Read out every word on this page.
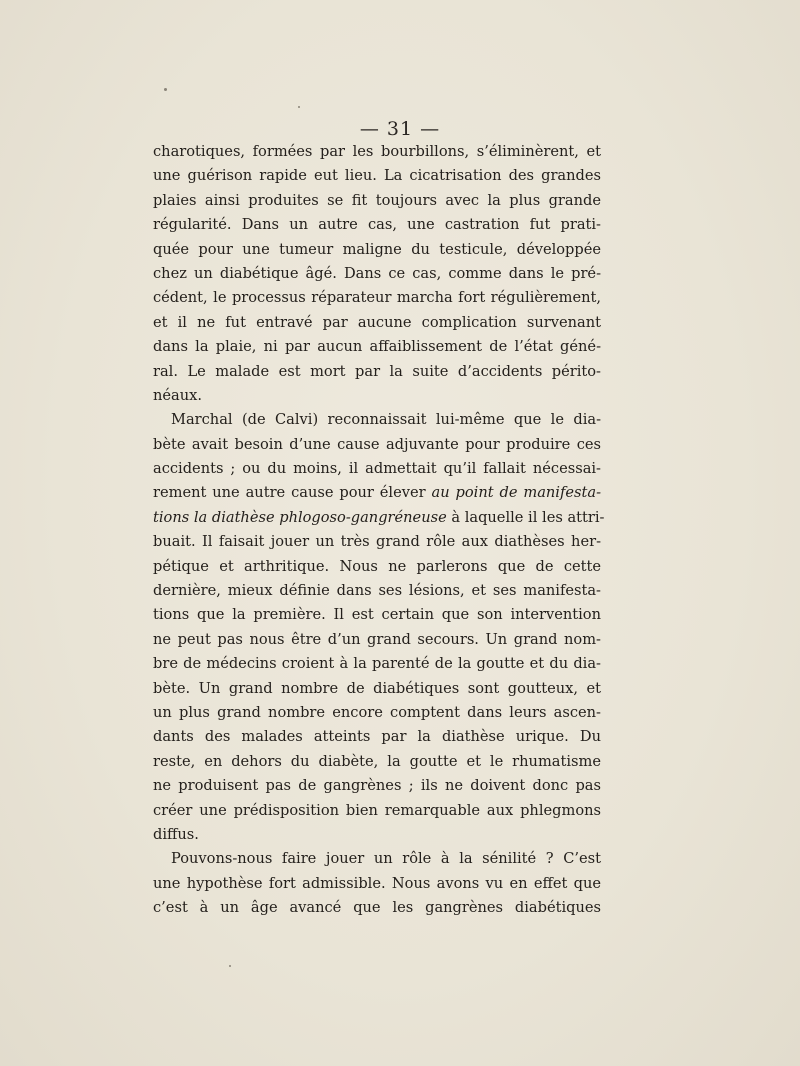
— 31 —
charotiques, formées par les bourbillons, s’éliminèrent, et
une guérison rapide eut lieu. La cicatrisation des grandes
plaies ainsi produites se fit toujours avec la plus grande
régularité. Dans un autre cas, une castration fut prati-
quée pour une tumeur maligne du testicule, développée
chez un diabétique âgé. Dans ce cas, comme dans le pré-
cédent, le processus réparateur marcha fort régulièrement,
et il ne fut entravé par aucune complication survenant
dans la plaie, ni par aucun affaiblissement de l’état géné-
ral. Le malade est mort par la suite d’accidents périto-
néaux.
Marchal (de Calvi) reconnaissait lui-même que le dia-
bète avait besoin d’une cause adjuvante pour produire ces
accidents ; ou du moins, il admettait qu’il fallait nécessai-
rement une autre cause pour élever au point de manifesta-
tions la diathèse phlogoso-gangréneuse à laquelle il les attri-
buait. Il faisait jouer un très grand rôle aux diathèses her-
pétique et arthritique. Nous ne parlerons que de cette
dernière, mieux définie dans ses lésions, et ses manifesta-
tions que la première. Il est certain que son intervention
ne peut pas nous être d’un grand secours. Un grand nom-
bre de médecins croient à la parenté de la goutte et du dia-
bète. Un grand nombre de diabétiques sont goutteux, et
un plus grand nombre encore comptent dans leurs ascen-
dants des malades atteints par la diathèse urique. Du
reste, en dehors du diabète, la goutte et le rhumatisme
ne produisent pas de gangrènes ; ils ne doivent donc pas
créer une prédisposition bien remarquable aux phlegmons
diffus.
Pouvons-nous faire jouer un rôle à la sénilité ? C’est
une hypothèse fort admissible. Nous avons vu en effet que
c’est à un âge avancé que les gangrènes diabétiques
